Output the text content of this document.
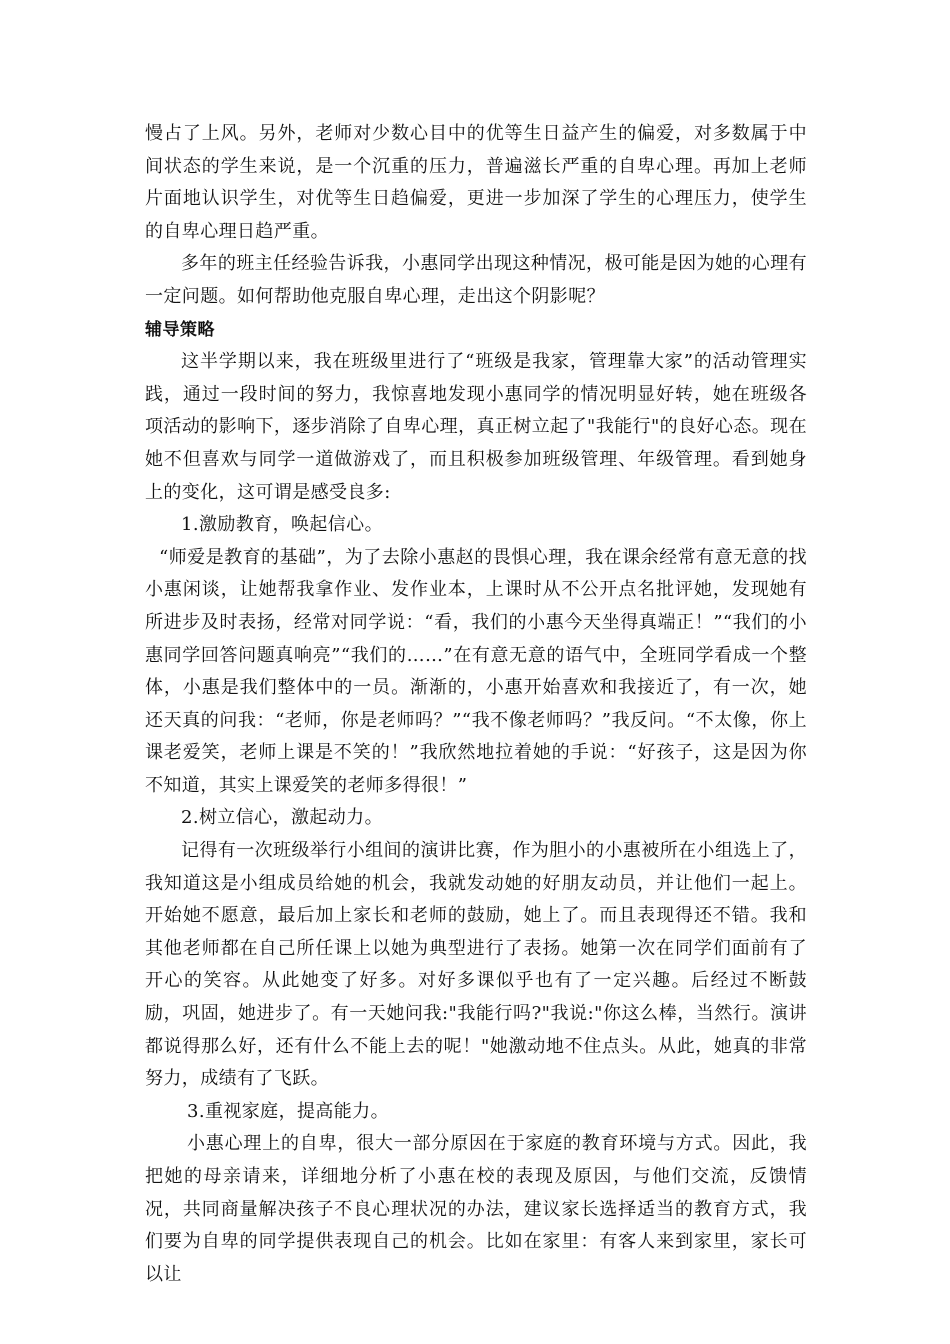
慢占了上风。另外，老师对少数心目中的优等生日益产生的偏爱，对多数属于中间状态的学生来说，是一个沉重的压力，普遍滋长严重的自卑心理。再加上老师片面地认识学生，对优等生日趋偏爱，更进一步加深了学生的心理压力，使学生的自卑心理日趋严重。

多年的班主任经验告诉我，小惠同学出现这种情况，极可能是因为她的心理有一定问题。如何帮助他克服自卑心理，走出这个阴影呢？

辅导策略

这半学期以来，我在班级里进行了“班级是我家，管理靠大家”的活动管理实践，通过一段时间的努力，我惊喜地发现小惠同学的情况明显好转，她在班级各项活动的影响下，逐步消除了自卑心理，真正树立起了"我能行"的良好心态。现在她不但喜欢与同学一道做游戏了，而且积极参加班级管理、年级管理。看到她身上的变化，这可谓是感受良多:

1.激励教育，唤起信心。

“师爱是教育的基础”，为了去除小惠赵的畏惧心理，我在课余经常有意无意的找小惠闲谈，让她帮我拿作业、发作业本，上课时从不公开点名批评她，发现她有所进步及时表扬，经常对同学说：“看，我们的小惠今天坐得真端正！”“我们的小惠同学回答问题真响亮”“我们的……”在有意无意的语气中，全班同学看成一个整体，小惠是我们整体中的一员。渐渐的，小惠开始喜欢和我接近了，有一次，她还天真的问我：“老师，你是老师吗？”“我不像老师吗？”我反问。“不太像，你上课老爱笑，老师上课是不笑的！”我欣然地拉着她的手说：“好孩子，这是因为你不知道，其实上课爱笑的老师多得很！”

2.树立信心，激起动力。

记得有一次班级举行小组间的演讲比赛，作为胆小的小惠被所在小组选上了，我知道这是小组成员给她的机会，我就发动她的好朋友动员，并让他们一起上。开始她不愿意，最后加上家长和老师的鼓励，她上了。而且表现得还不错。我和其他老师都在自己所任课上以她为典型进行了表扬。她第一次在同学们面前有了开心的笑容。从此她变了好多。对好多课似乎也有了一定兴趣。后经过不断鼓励，巩固，她进步了。有一天她问我:"我能行吗?"我说:"你这么棒，当然行。演讲都说得那么好，还有什么不能上去的呢！"她激动地不住点头。从此，她真的非常努力，成绩有了飞跃。

3.重视家庭，提高能力。

小惠心理上的自卑，很大一部分原因在于家庭的教育环境与方式。因此，我把她的母亲请来，详细地分析了小惠在校的表现及原因，与他们交流，反馈情况，共同商量解决孩子不良心理状况的办法，建议家长选择适当的教育方式，我们要为自卑的同学提供表现自己的机会。比如在家里：有客人来到家里，家长可以让
